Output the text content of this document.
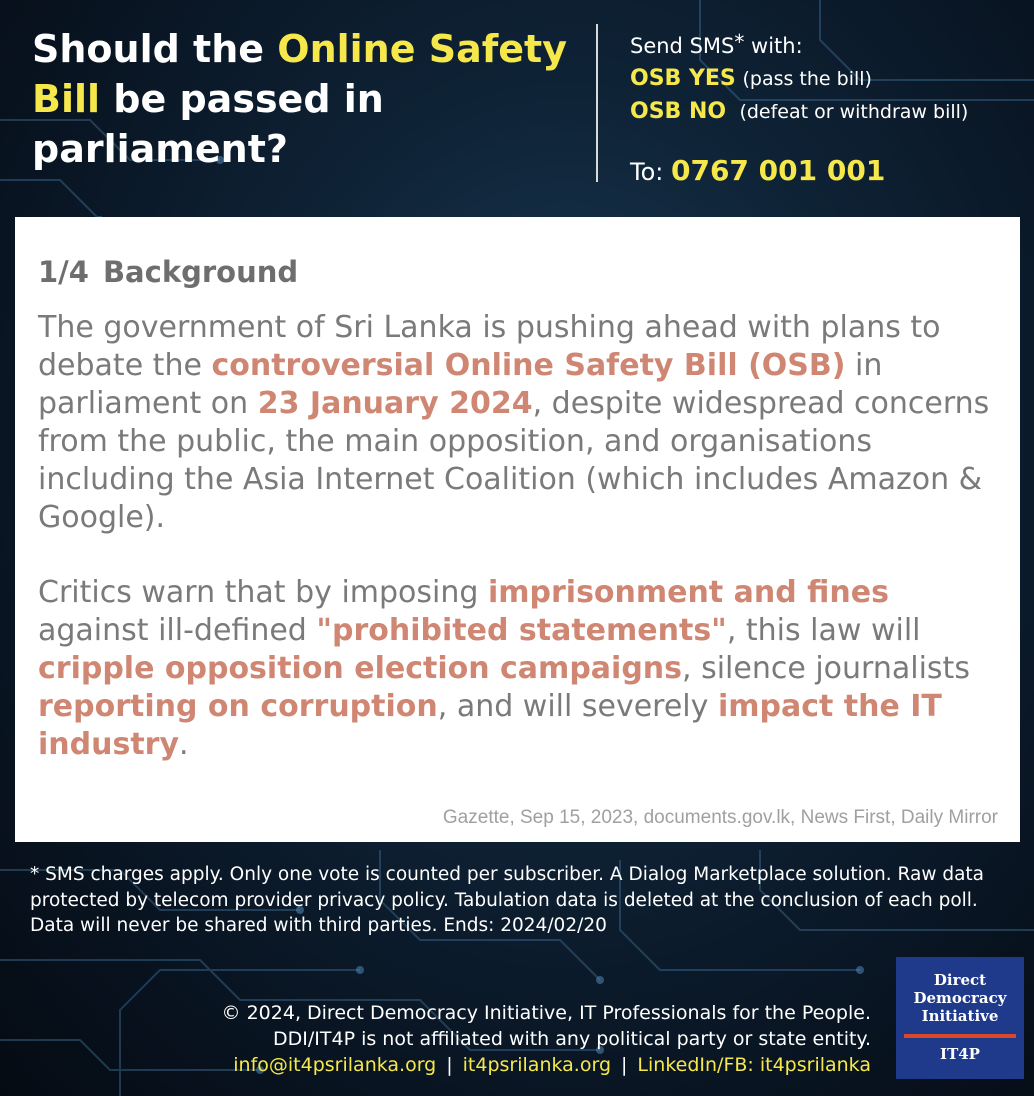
Should the Online Safety Bill be passed in parliament?
Send SMS* with:
OSB YES (pass the bill)
OSB NO (defeat or withdraw bill)
To: 0767 001 001
1/4 Background

The government of Sri Lanka is pushing ahead with plans to debate the controversial Online Safety Bill (OSB) in parliament on 23 January 2024, despite widespread concerns from the public, the main opposition, and organisations including the Asia Internet Coalition (which includes Amazon & Google).

Critics warn that by imposing imprisonment and fines against ill-defined "prohibited statements", this law will cripple opposition election campaigns, silence journalists reporting on corruption, and will severely impact the IT industry.

Gazette, Sep 15, 2023, documents.gov.lk, News First, Daily Mirror
* SMS charges apply. Only one vote is counted per subscriber. A Dialog Marketplace solution. Raw data protected by telecom provider privacy policy. Tabulation data is deleted at the conclusion of each poll. Data will never be shared with third parties. Ends: 2024/02/20
© 2024, Direct Democracy Initiative, IT Professionals for the People.
DDI/IT4P is not affiliated with any political party or state entity.
info@it4psrilanka.org | it4psrilanka.org | LinkedIn/FB: it4psrilanka
Direct Democracy Initiative
IT4P
